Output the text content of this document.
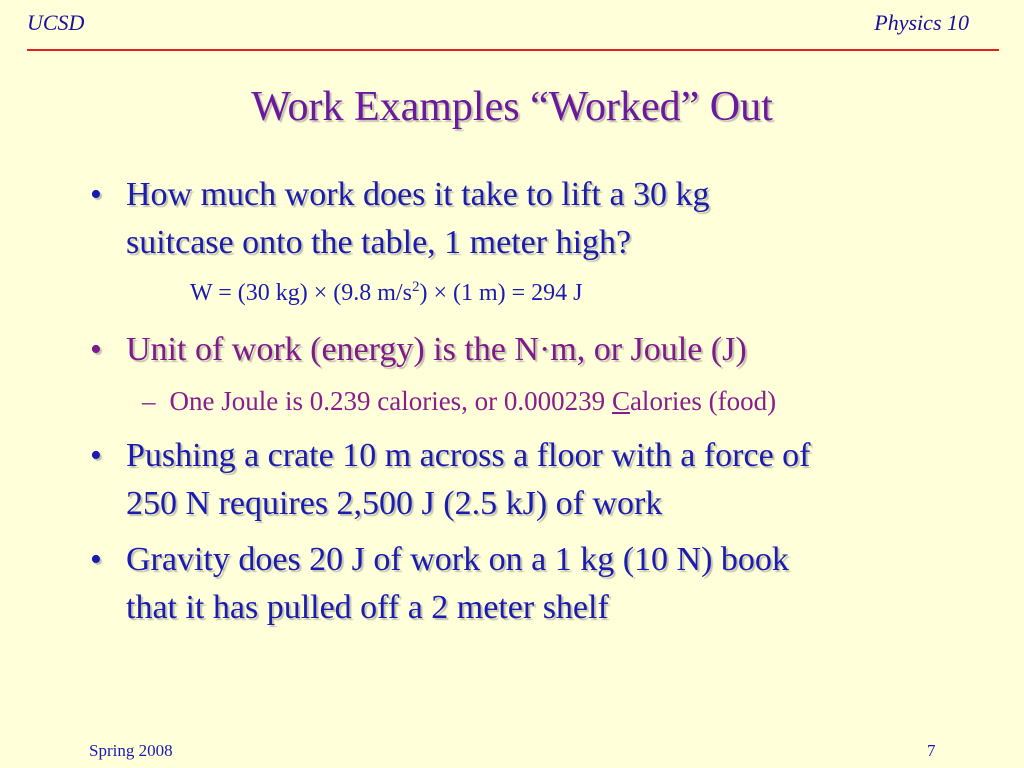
UCSD	Physics 10
Work Examples “Worked” Out
• How much work does it take to lift a 30 kg
suitcase onto the table, 1 meter high?
W = (30 kg) × (9.8 $m/s^2) \times (1$ m) = 294 J
• Unit of work (energy) is the N·m, or Joule (J)
– One Joule is 0.239 calories, or 0.000239 Calories (food)
• Pushing a crate 10 m across a floor with a force of
250 N requires 2,500 J (2.5 kJ) of work
• Gravity does 20 J of work on a 1 kg (10 N) book
that it has pulled off a 2 meter shelf
Spring 2008	7
